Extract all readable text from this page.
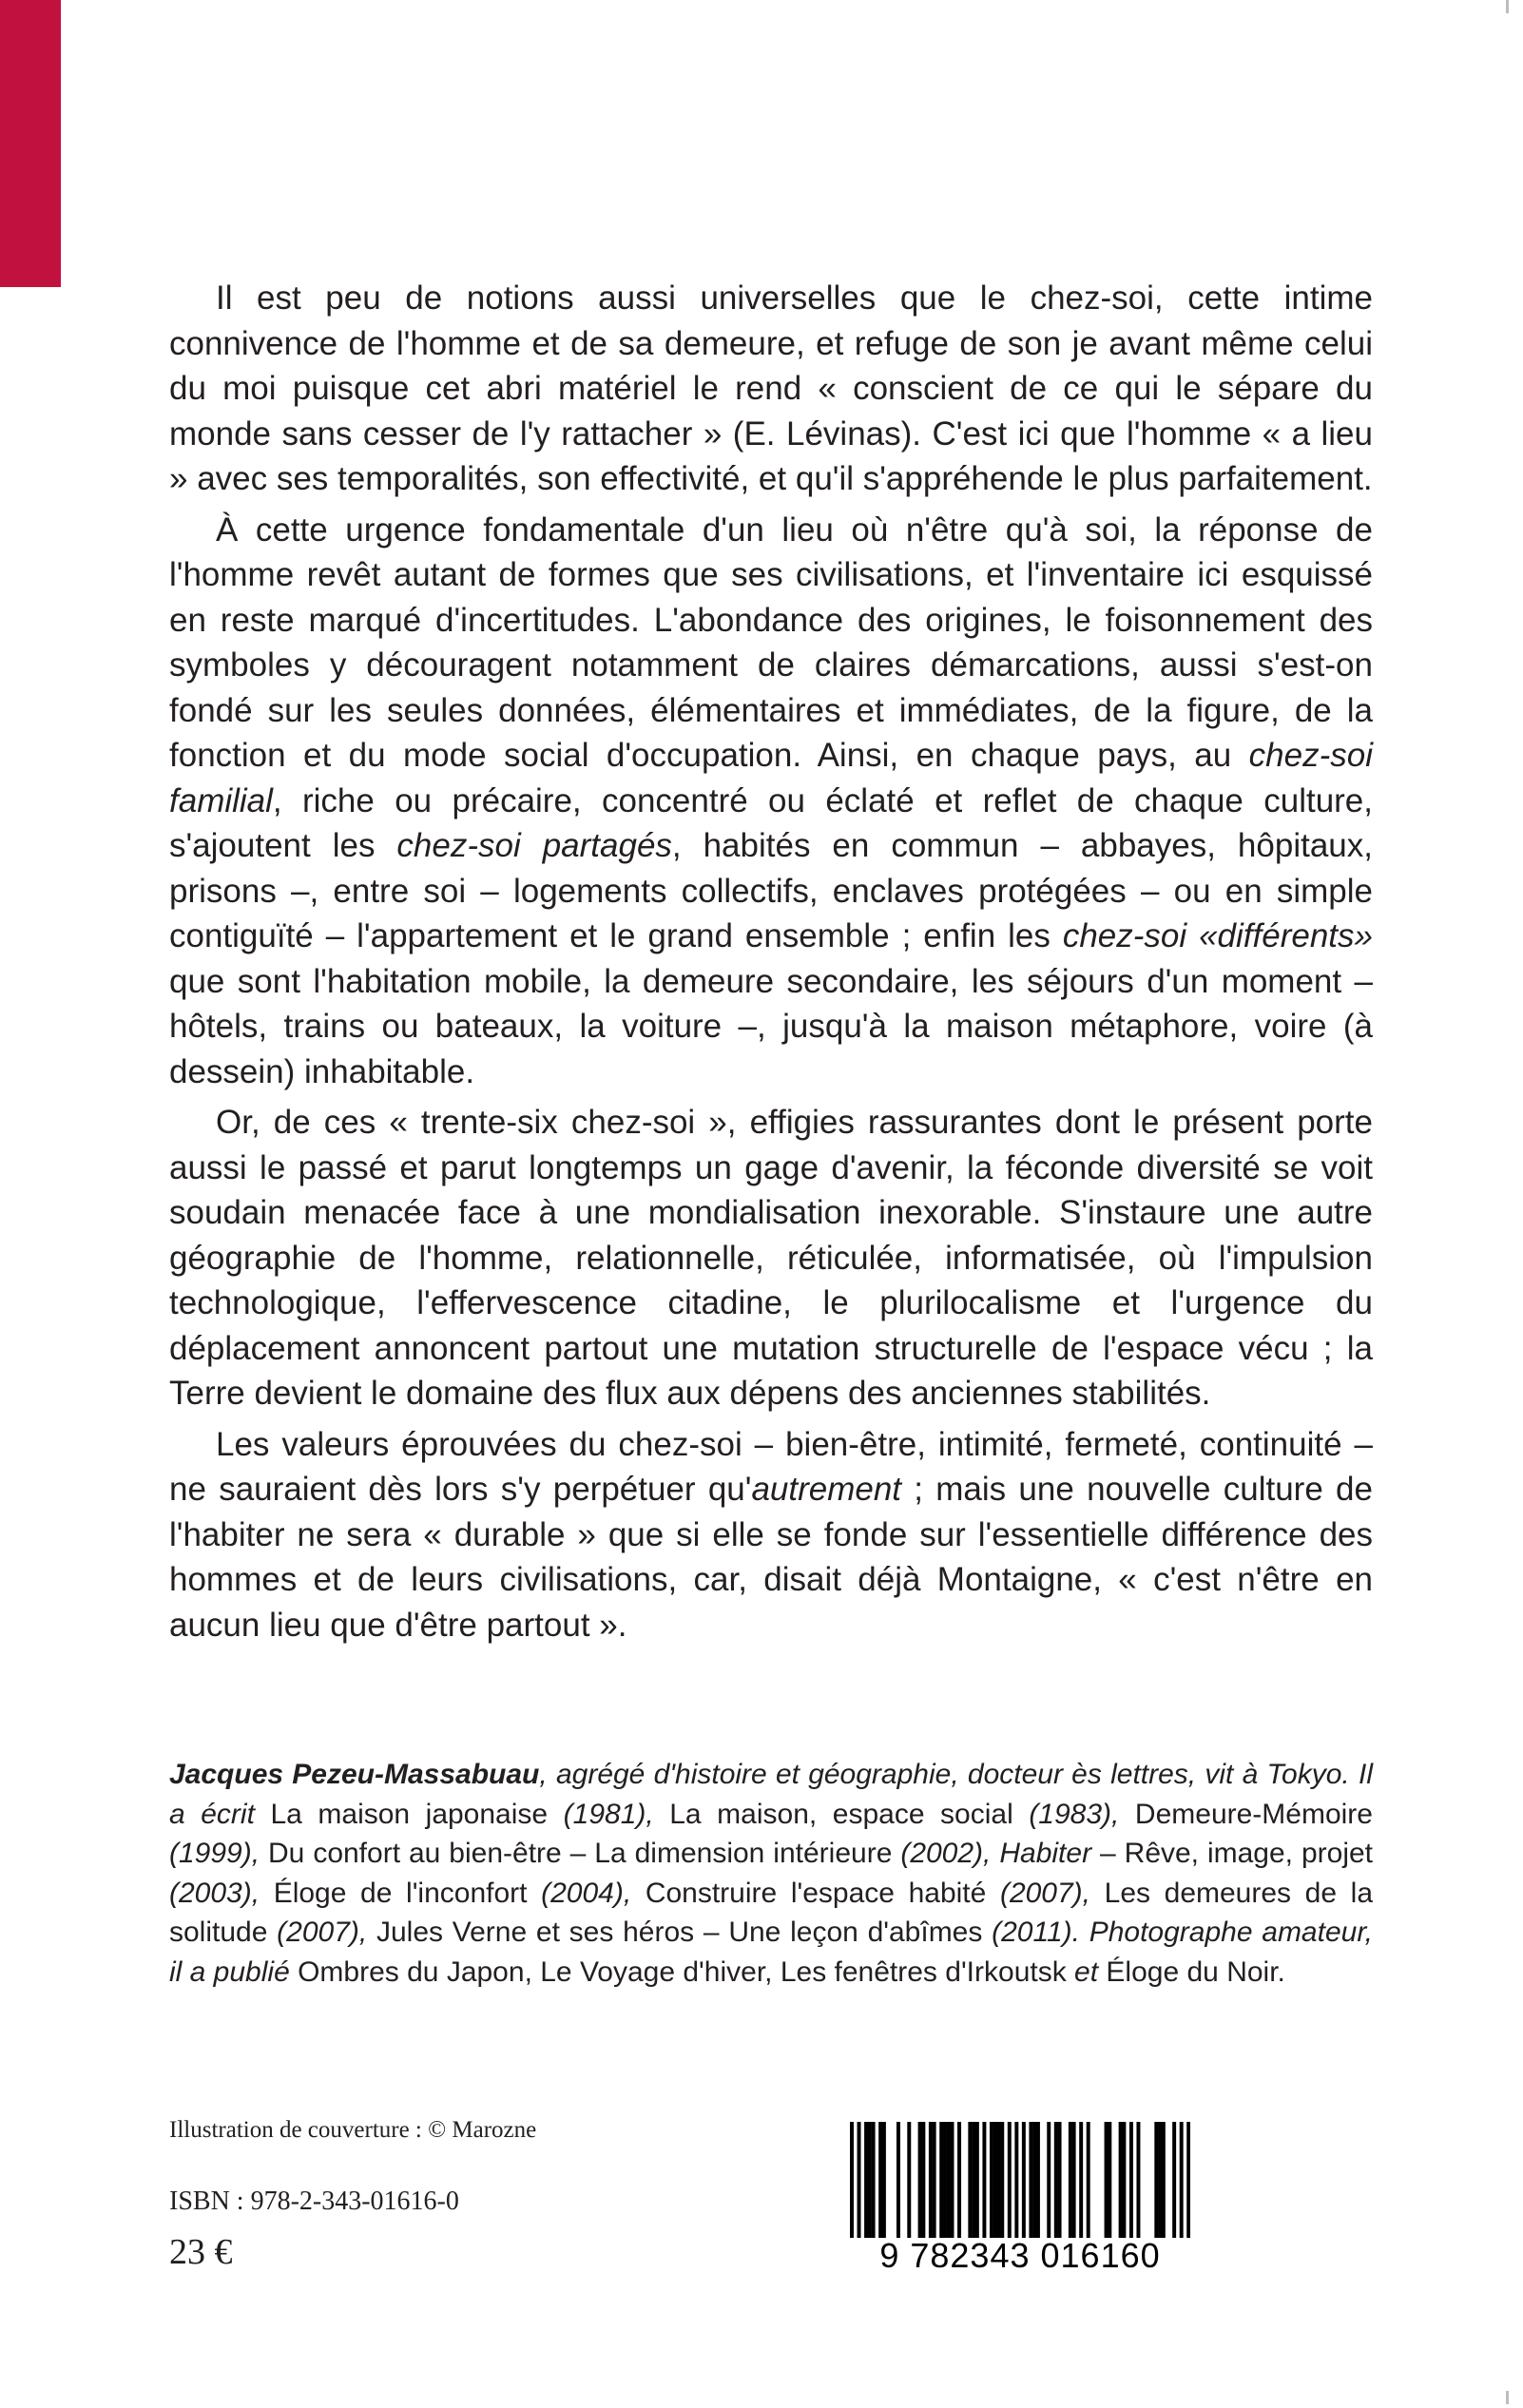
Il est peu de notions aussi universelles que le chez-soi, cette intime connivence de l'homme et de sa demeure, et refuge de son je avant même celui du moi puisque cet abri matériel le rend « conscient de ce qui le sépare du monde sans cesser de l'y rattacher » (E. Lévinas). C'est ici que l'homme « a lieu » avec ses temporalités, son effectivité, et qu'il s'appréhende le plus parfaitement.

À cette urgence fondamentale d'un lieu où n'être qu'à soi, la réponse de l'homme revêt autant de formes que ses civilisations, et l'inventaire ici esquissé en reste marqué d'incertitudes. L'abondance des origines, le foisonnement des symboles y découragent notamment de claires démarcations, aussi s'est-on fondé sur les seules données, élémentaires et immédiates, de la figure, de la fonction et du mode social d'occupation. Ainsi, en chaque pays, au chez-soi familial, riche ou précaire, concentré ou éclaté et reflet de chaque culture, s'ajoutent les chez-soi partagés, habités en commun – abbayes, hôpitaux, prisons –, entre soi – logements collectifs, enclaves protégées – ou en simple contiguïté – l'appartement et le grand ensemble ; enfin les chez-soi «différents» que sont l'habitation mobile, la demeure secondaire, les séjours d'un moment – hôtels, trains ou bateaux, la voiture –, jusqu'à la maison métaphore, voire (à dessein) inhabitable.

Or, de ces « trente-six chez-soi », effigies rassurantes dont le présent porte aussi le passé et parut longtemps un gage d'avenir, la féconde diversité se voit soudain menacée face à une mondialisation inexorable. S'instaure une autre géographie de l'homme, relationnelle, réticulée, informatisée, où l'impulsion technologique, l'effervescence citadine, le plurilocalisme et l'urgence du déplacement annoncent partout une mutation structurelle de l'espace vécu ; la Terre devient le domaine des flux aux dépens des anciennes stabilités.

Les valeurs éprouvées du chez-soi – bien-être, intimité, fermeté, continuité – ne sauraient dès lors s'y perpétuer qu'autrement ; mais une nouvelle culture de l'habiter ne sera « durable » que si elle se fonde sur l'essentielle différence des hommes et de leurs civilisations, car, disait déjà Montaigne, « c'est n'être en aucun lieu que d'être partout ».

Jacques Pezeu-Massabuau, agrégé d'histoire et géographie, docteur ès lettres, vit à Tokyo. Il a écrit La maison japonaise (1981), La maison, espace social (1983), Demeure-Mémoire (1999), Du confort au bien-être – La dimension intérieure (2002), Habiter – Rêve, image, projet (2003), Éloge de l'inconfort (2004), Construire l'espace habité (2007), Les demeures de la solitude (2007), Jules Verne et ses héros – Une leçon d'abîmes (2011). Photographe amateur, il a publié Ombres du Japon, Le Voyage d'hiver, Les fenêtres d'Irkoutsk et Éloge du Noir.

Illustration de couverture : © Marozne
ISBN : 978-2-343-01616-0
23 €	9 782343 016160
